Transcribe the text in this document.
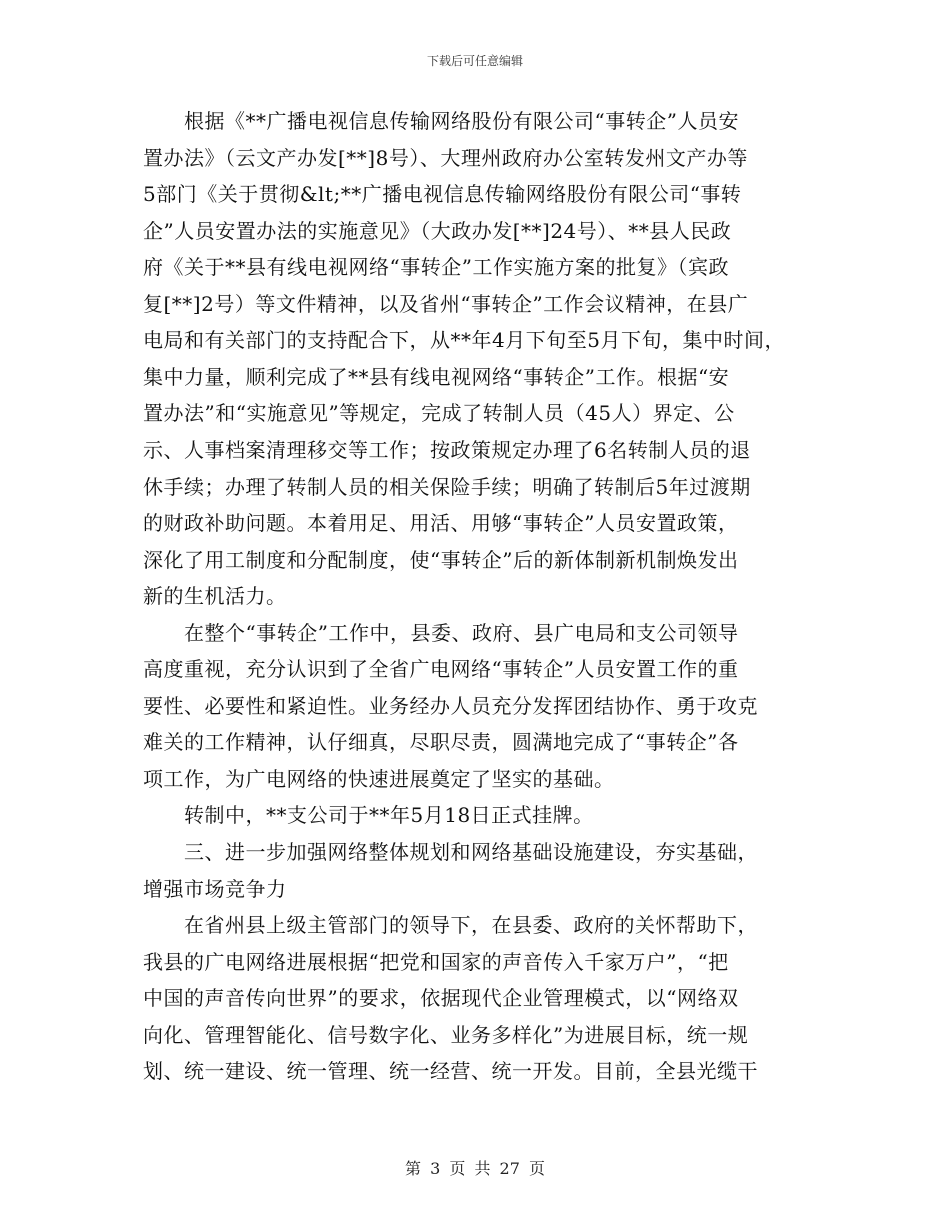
下载后可任意编辑
　　根据《**广播电视信息传输网络股份有限公司“事转企”人员安
置办法》（云文产办发[**]8号）、大理州政府办公室转发州文产办等
5部门《关于贯彻&lt;**广播电视信息传输网络股份有限公司“事转
企”人员安置办法的实施意见》（大政办发[**]24号）、**县人民政
府《关于**县有线电视网络“事转企”工作实施方案的批复》（宾政
复[**]2号）等文件精神，以及省州“事转企”工作会议精神，在县广
电局和有关部门的支持配合下，从**年4月下旬至5月下旬，集中时间，
集中力量，顺利完成了**县有线电视网络“事转企”工作。根据“安
置办法”和“实施意见”等规定，完成了转制人员（45人）界定、公
示、人事档案清理移交等工作；按政策规定办理了6名转制人员的退
休手续；办理了转制人员的相关保险手续；明确了转制后5年过渡期
的财政补助问题。本着用足、用活、用够“事转企”人员安置政策，
深化了用工制度和分配制度，使“事转企”后的新体制新机制焕发出
新的生机活力。
　　在整个“事转企”工作中，县委、政府、县广电局和支公司领导
高度重视，充分认识到了全省广电网络“事转企”人员安置工作的重
要性、必要性和紧迫性。业务经办人员充分发挥团结协作、勇于攻克
难关的工作精神，认仔细真，尽职尽责，圆满地完成了“事转企”各
项工作，为广电网络的快速进展奠定了坚实的基础。
　　转制中，**支公司于**年5月18日正式挂牌。
　　三、进一步加强网络整体规划和网络基础设施建设，夯实基础，
增强市场竞争力
　　在省州县上级主管部门的领导下，在县委、政府的关怀帮助下，
我县的广电网络进展根据“把党和国家的声音传入千家万户”，“把
中国的声音传向世界”的要求，依据现代企业管理模式，以“网络双
向化、管理智能化、信号数字化、业务多样化”为进展目标，统一规
划、统一建设、统一管理、统一经营、统一开发。目前，全县光缆干
第 3 页 共 27 页
